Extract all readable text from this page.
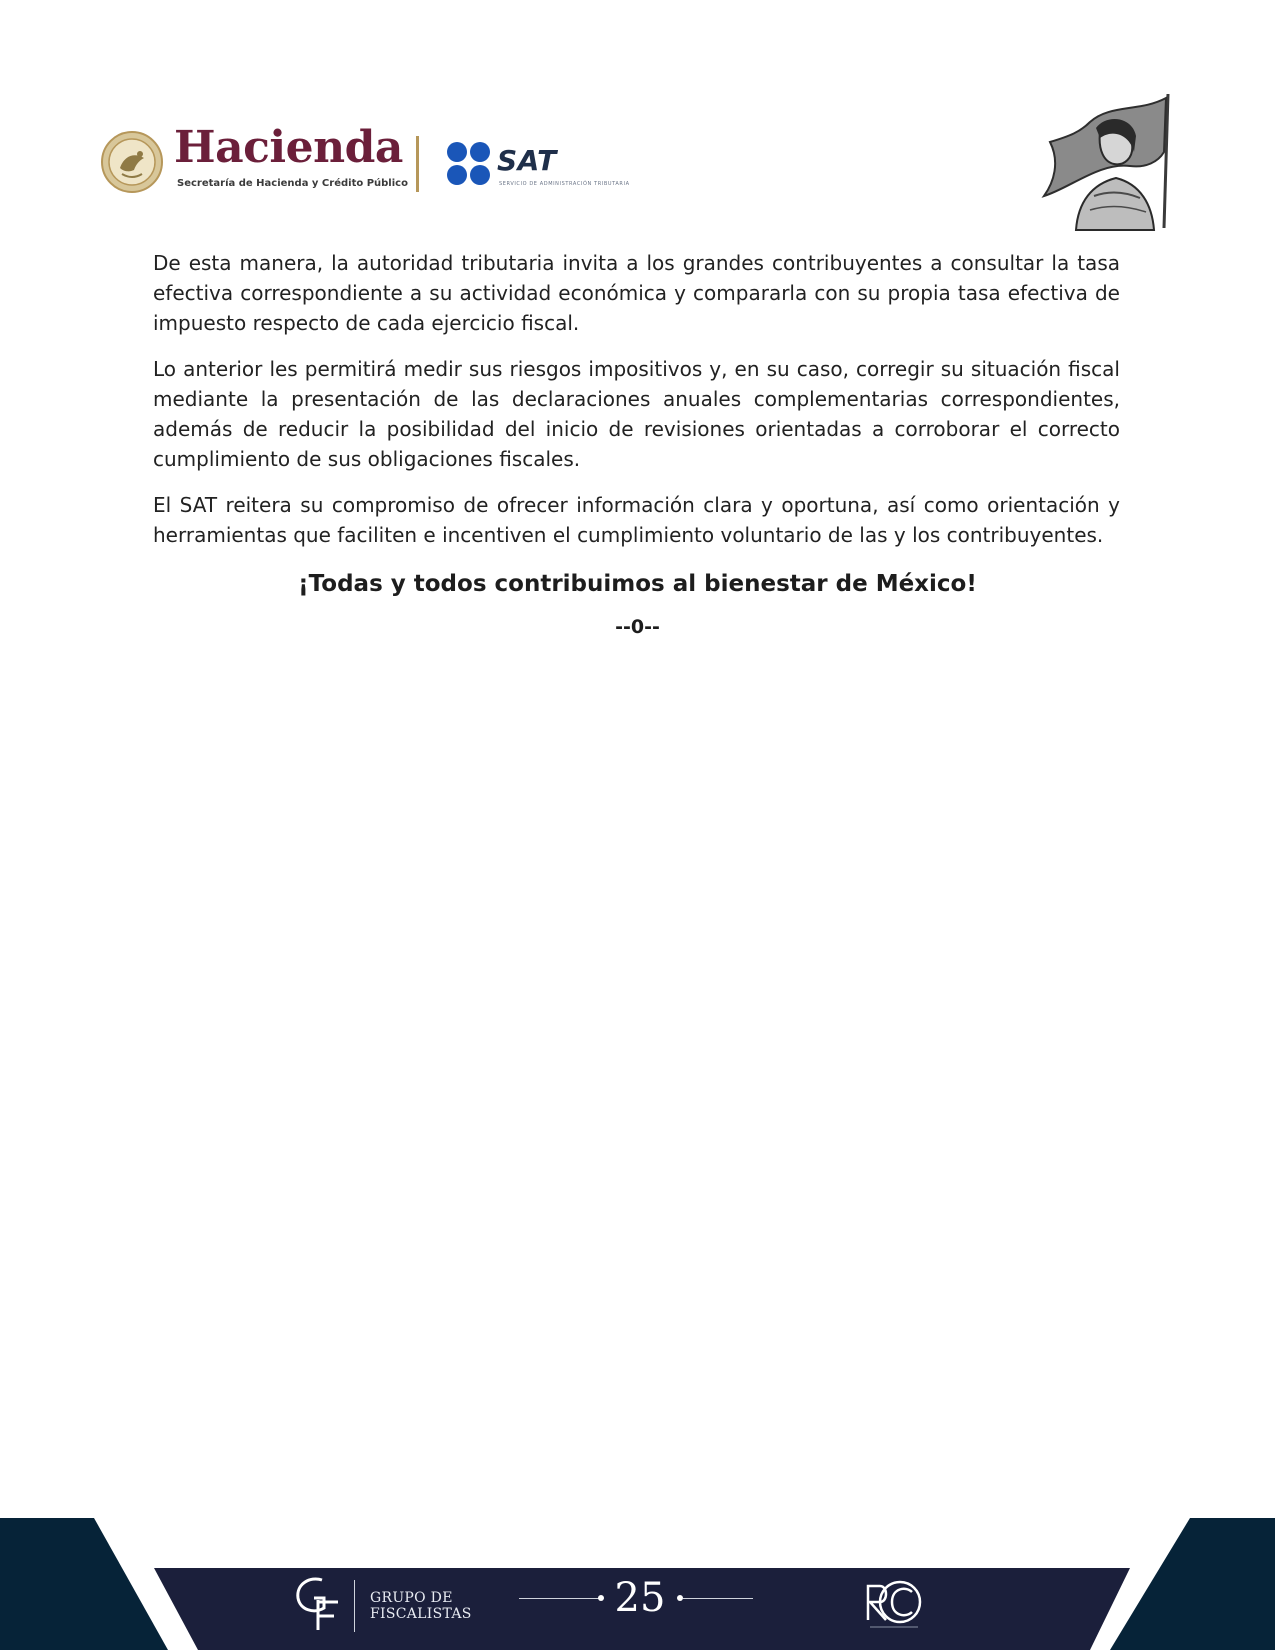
Hacienda
Secretaría de Hacienda y Crédito Público
SAT
SERVICIO DE ADMINISTRACIÓN TRIBUTARIA

De esta manera, la autoridad tributaria invita a los grandes contribuyentes a consultar la tasa efectiva correspondiente a su actividad económica y compararla con su propia tasa efectiva de impuesto respecto de cada ejercicio fiscal.

Lo anterior les permitirá medir sus riesgos impositivos y, en su caso, corregir su situación fiscal mediante la presentación de las declaraciones anuales complementarias correspondientes, además de reducir la posibilidad del inicio de revisiones orientadas a corroborar el correcto cumplimiento de sus obligaciones fiscales.

El SAT reitera su compromiso de ofrecer información clara y oportuna, así como orientación y herramientas que faciliten e incentiven el cumplimiento voluntario de las y los contribuyentes.

¡Todas y todos contribuimos al bienestar de México!
--0--
GRUPO DE
FISCALISTAS	25
